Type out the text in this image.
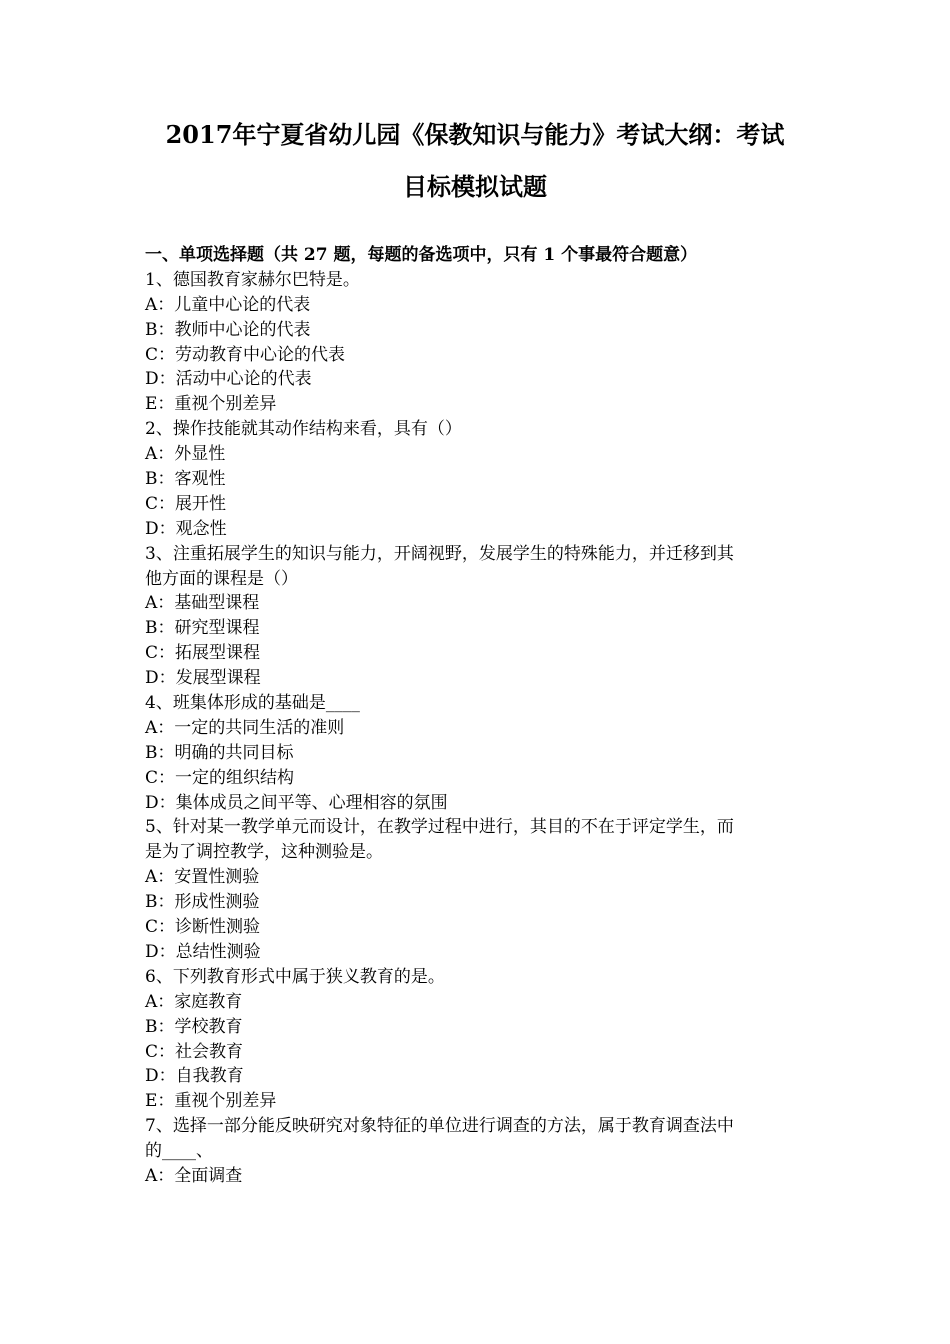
2017年宁夏省幼儿园《保教知识与能力》考试大纲：考试
目标模拟试题
一、单项选择题（共 27 题，每题的备选项中，只有 1 个事最符合题意）
1、德国教育家赫尔巴特是。
A：儿童中心论的代表
B：教师中心论的代表
C：劳动教育中心论的代表
D：活动中心论的代表
E：重视个别差异
2、操作技能就其动作结构来看，具有（）
A：外显性
B：客观性
C：展开性
D：观念性
3、注重拓展学生的知识与能力，开阔视野，发展学生的特殊能力，并迁移到其
他方面的课程是（）
A：基础型课程
B：研究型课程
C：拓展型课程
D：发展型课程
4、班集体形成的基础是____
A：一定的共同生活的准则
B：明确的共同目标
C：一定的组织结构
D：集体成员之间平等、心理相容的氛围
5、针对某一教学单元而设计，在教学过程中进行，其目的不在于评定学生，而
是为了调控教学，这种测验是。
A：安置性测验
B：形成性测验
C：诊断性测验
D：总结性测验
6、下列教育形式中属于狭义教育的是。
A：家庭教育
B：学校教育
C：社会教育
D：自我教育
E：重视个别差异
7、选择一部分能反映研究对象特征的单位进行调查的方法，属于教育调查法中
的____、
A：全面调查
